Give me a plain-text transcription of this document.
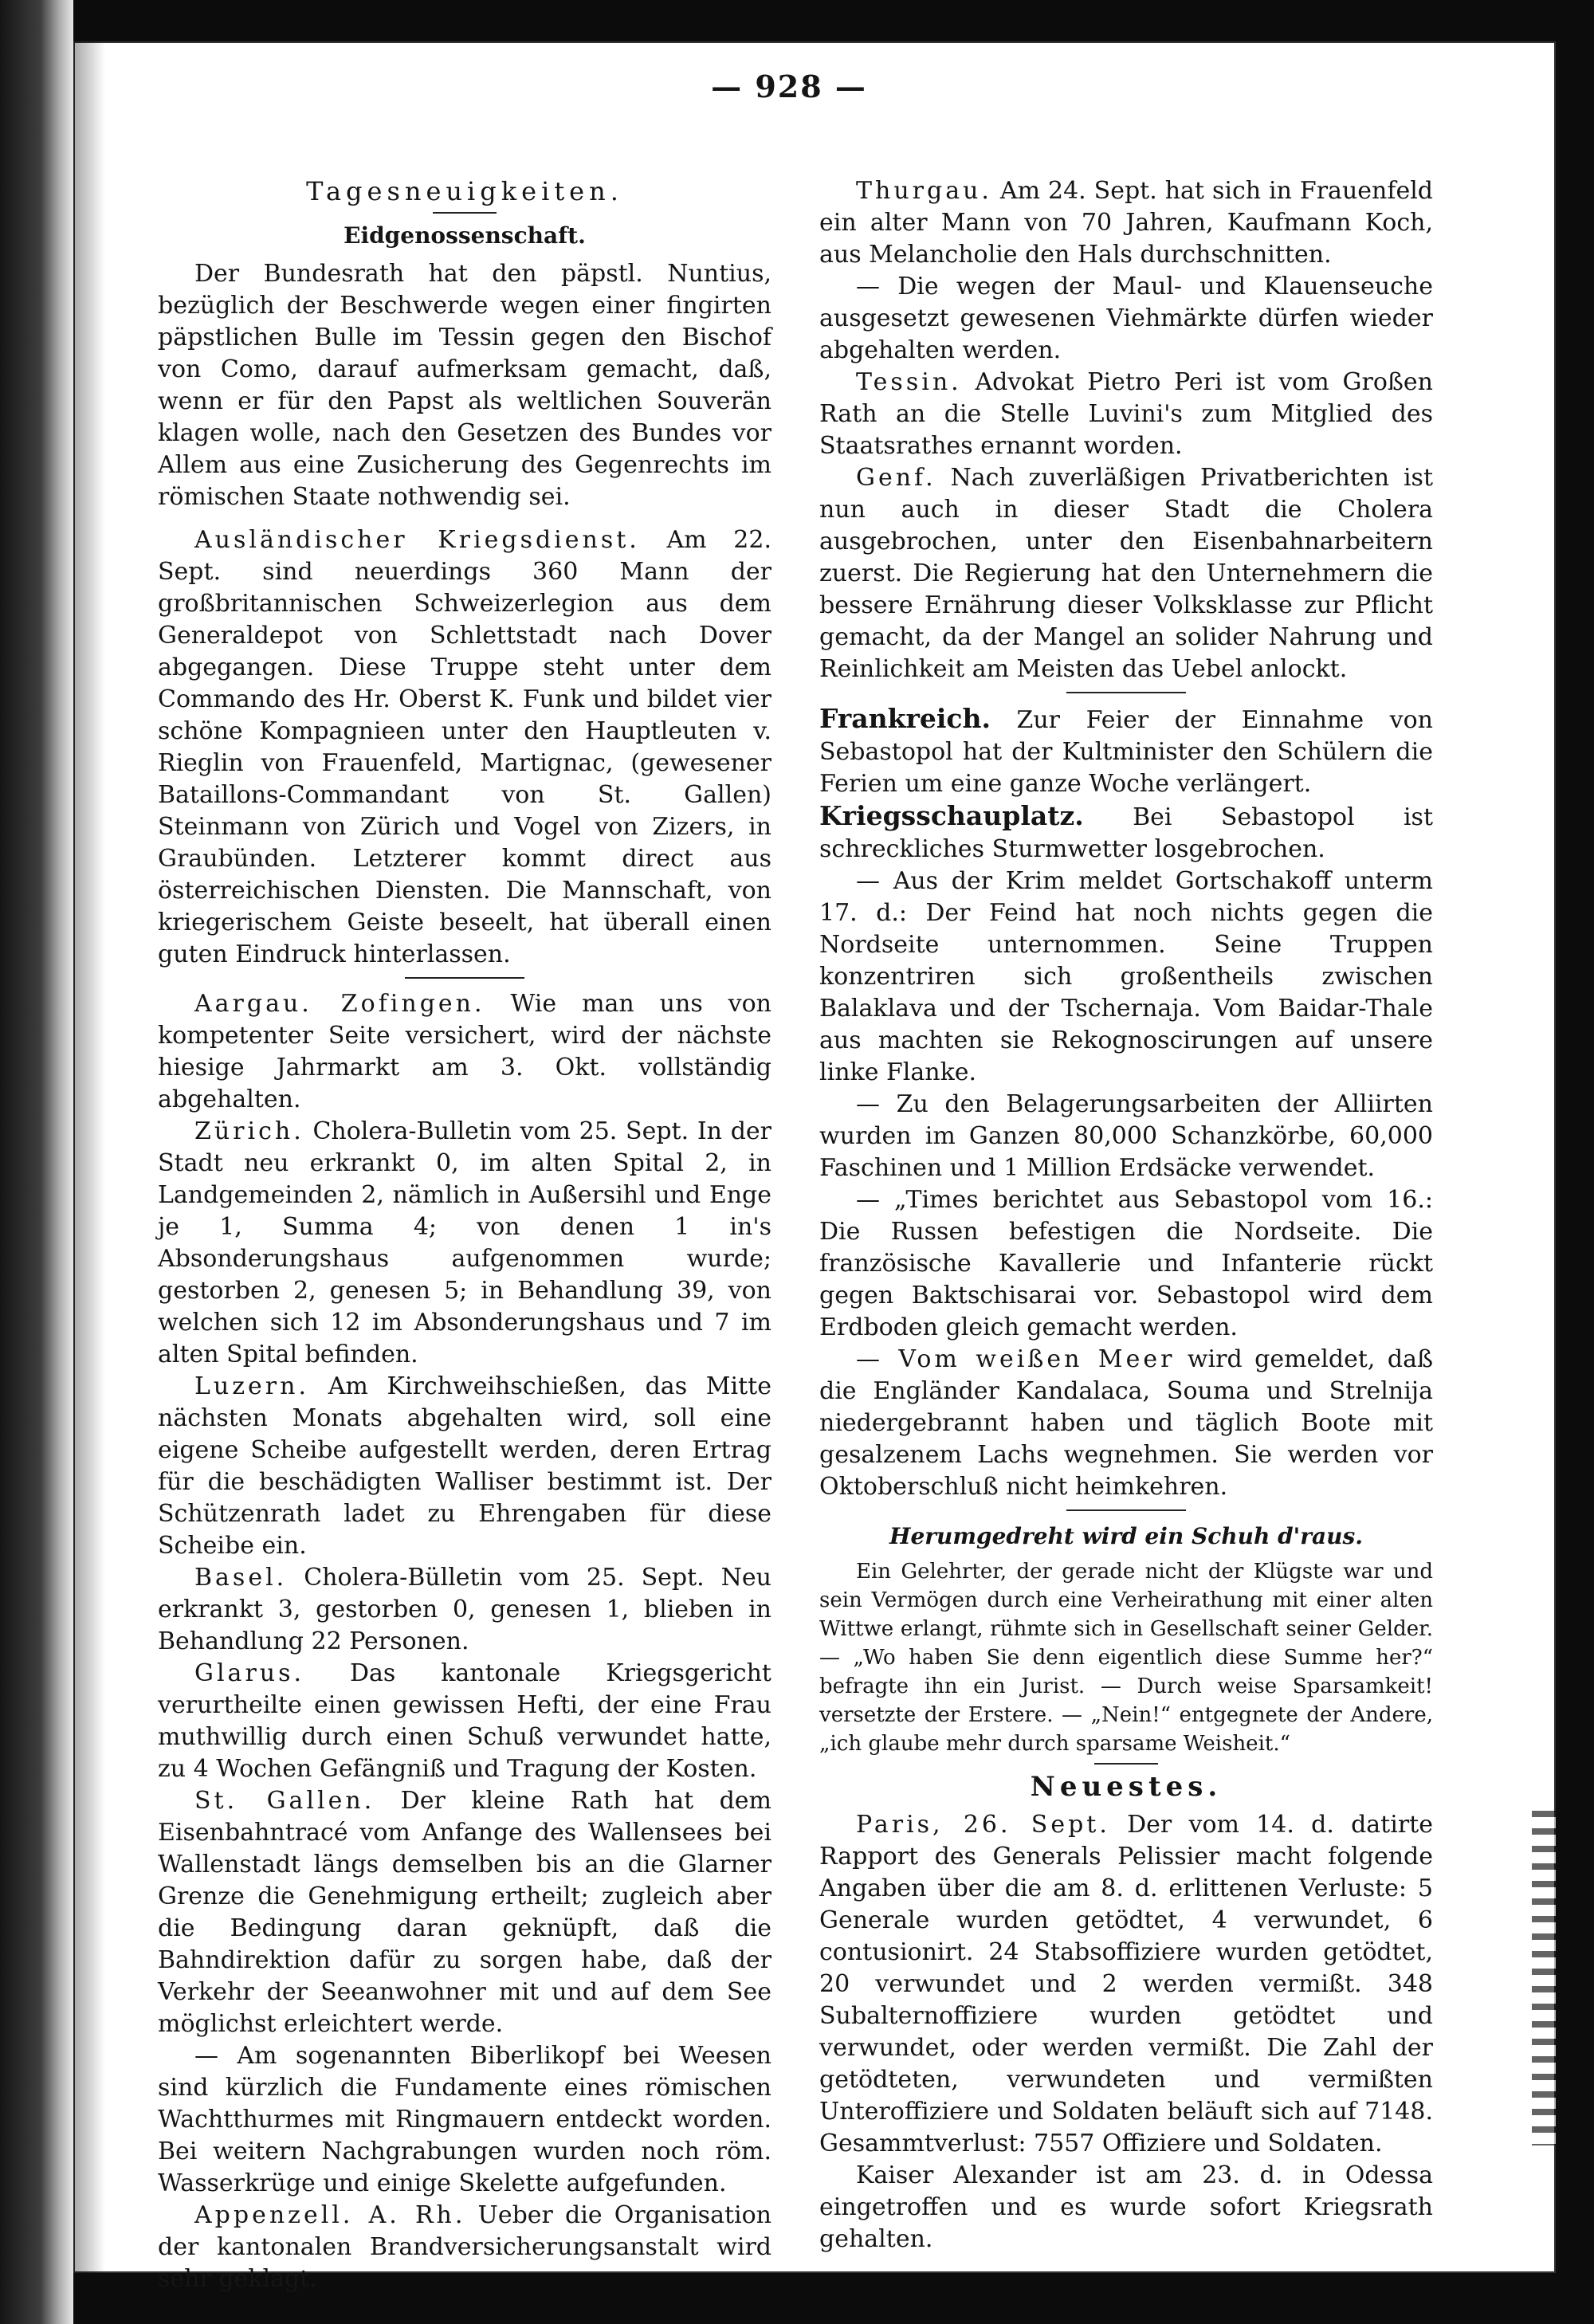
— 928 —
Tagesneuigkeiten.
Eidgenossenschaft.

Der Bundesrath hat den päpstl. Nuntius, bezüglich der Beschwerde wegen einer fingirten päpstlichen Bulle im Tessin gegen den Bischof von Como, darauf aufmerksam gemacht, daß, wenn er für den Papst als weltlichen Souverän klagen wolle, nach den Gesetzen des Bundes vor Allem aus eine Zusicherung des Gegenrechts im römischen Staate nothwendig sei.

Ausländischer Kriegsdienst. Am 22. Sept. sind neuerdings 360 Mann der großbritannischen Schweizerlegion aus dem Generaldepot von Schlettstadt nach Dover abgegangen. Diese Truppe steht unter dem Commando des Hr. Oberst K. Funk und bildet vier schöne Kompagnieen unter den Hauptleuten v. Rieglin von Frauenfeld, Martignac, (gewesener Bataillons-Commandant von St. Gallen) Steinmann von Zürich und Vogel von Zizers, in Graubünden. Letzterer kommt direct aus österreichischen Diensten. Die Mannschaft, von kriegerischem Geiste beseelt, hat überall einen guten Eindruck hinterlassen.

Aargau. Zofingen. Wie man uns von kompetenter Seite versichert, wird der nächste hiesige Jahrmarkt am 3. Okt. vollständig abgehalten.

Zürich. Cholera-Bulletin vom 25. Sept. In der Stadt neu erkrankt 0, im alten Spital 2, in Landgemeinden 2, nämlich in Außersihl und Enge je 1, Summa 4; von denen 1 in's Absonderungshaus aufgenommen wurde; gestorben 2, genesen 5; in Behandlung 39, von welchen sich 12 im Absonderungshaus und 7 im alten Spital befinden.

Luzern. Am Kirchweihschießen, das Mitte nächsten Monats abgehalten wird, soll eine eigene Scheibe aufgestellt werden, deren Ertrag für die beschädigten Walliser bestimmt ist. Der Schützenrath ladet zu Ehrengaben für diese Scheibe ein.

Basel. Cholera-Bülletin vom 25. Sept. Neu erkrankt 3, gestorben 0, genesen 1, blieben in Behandlung 22 Personen.

Glarus. Das kantonale Kriegsgericht verurtheilte einen gewissen Hefti, der eine Frau muthwillig durch einen Schuß verwundet hatte, zu 4 Wochen Gefängniß und Tragung der Kosten.

St. Gallen. Der kleine Rath hat dem Eisenbahntracé vom Anfange des Wallensees bei Wallenstadt längs demselben bis an die Glarner Grenze die Genehmigung ertheilt; zugleich aber die Bedingung daran geknüpft, daß die Bahndirektion dafür zu sorgen habe, daß der Verkehr der Seeanwohner mit und auf dem See möglichst erleichtert werde.

— Am sogenannten Biberlikopf bei Weesen sind kürzlich die Fundamente eines römischen Wachtthurmes mit Ringmauern entdeckt worden. Bei weitern Nachgrabungen wurden noch röm. Wasserkrüge und einige Skelette aufgefunden.

Appenzell. A. Rh. Ueber die Organisation der kantonalen Brandversicherungsanstalt wird sehr geklagt.

Thurgau. Am 24. Sept. hat sich in Frauenfeld ein alter Mann von 70 Jahren, Kaufmann Koch, aus Melancholie den Hals durchschnitten.

— Die wegen der Maul- und Klauenseuche ausgesetzt gewesenen Viehmärkte dürfen wieder abgehalten werden.

Tessin. Advokat Pietro Peri ist vom Großen Rath an die Stelle Luvini's zum Mitglied des Staatsrathes ernannt worden.

Genf. Nach zuverläßigen Privatberichten ist nun auch in dieser Stadt die Cholera ausgebrochen, unter den Eisenbahnarbeitern zuerst. Die Regierung hat den Unternehmern die bessere Ernährung dieser Volksklasse zur Pflicht gemacht, da der Mangel an solider Nahrung und Reinlichkeit am Meisten das Uebel anlockt.

Frankreich. Zur Feier der Einnahme von Sebastopol hat der Kultminister den Schülern die Ferien um eine ganze Woche verlängert.

Kriegsschauplatz. Bei Sebastopol ist schreckliches Sturmwetter losgebrochen.

— Aus der Krim meldet Gortschakoff unterm 17. d.: Der Feind hat noch nichts gegen die Nordseite unternommen. Seine Truppen konzentriren sich großentheils zwischen Balaklava und der Tschernaja. Vom Baidar-Thale aus machten sie Rekognoscirungen auf unsere linke Flanke.

— Zu den Belagerungsarbeiten der Alliirten wurden im Ganzen 80,000 Schanzkörbe, 60,000 Faschinen und 1 Million Erdsäcke verwendet.

— „Times berichtet aus Sebastopol vom 16.: Die Russen befestigen die Nordseite. Die französische Kavallerie und Infanterie rückt gegen Baktschisarai vor. Sebastopol wird dem Erdboden gleich gemacht werden.

— Vom weißen Meer wird gemeldet, daß die Engländer Kandalaca, Souma und Strelnija niedergebrannt haben und täglich Boote mit gesalzenem Lachs wegnehmen. Sie werden vor Oktoberschluß nicht heimkehren.

Herumgedreht wird ein Schuh d'raus.

Ein Gelehrter, der gerade nicht der Klügste war und sein Vermögen durch eine Verheirathung mit einer alten Wittwe erlangt, rühmte sich in Gesellschaft seiner Gelder. — „Wo haben Sie denn eigentlich diese Summe her?“ befragte ihn ein Jurist. — Durch weise Sparsamkeit! versetzte der Erstere. — „Nein!“ entgegnete der Andere, „ich glaube mehr durch sparsame Weisheit.“

Neuestes.

Paris, 26. Sept. Der vom 14. d. datirte Rapport des Generals Pelissier macht folgende Angaben über die am 8. d. erlittenen Verluste: 5 Generale wurden getödtet, 4 verwundet, 6 contusionirt. 24 Stabsoffiziere wurden getödtet, 20 verwundet und 2 werden vermißt. 348 Subalternoffiziere wurden getödtet und verwundet, oder werden vermißt. Die Zahl der getödteten, verwundeten und vermißten Unteroffiziere und Soldaten beläuft sich auf 7148. Gesammtverlust: 7557 Offiziere und Soldaten.

Kaiser Alexander ist am 23. d. in Odessa eingetroffen und es wurde sofort Kriegsrath gehalten.
